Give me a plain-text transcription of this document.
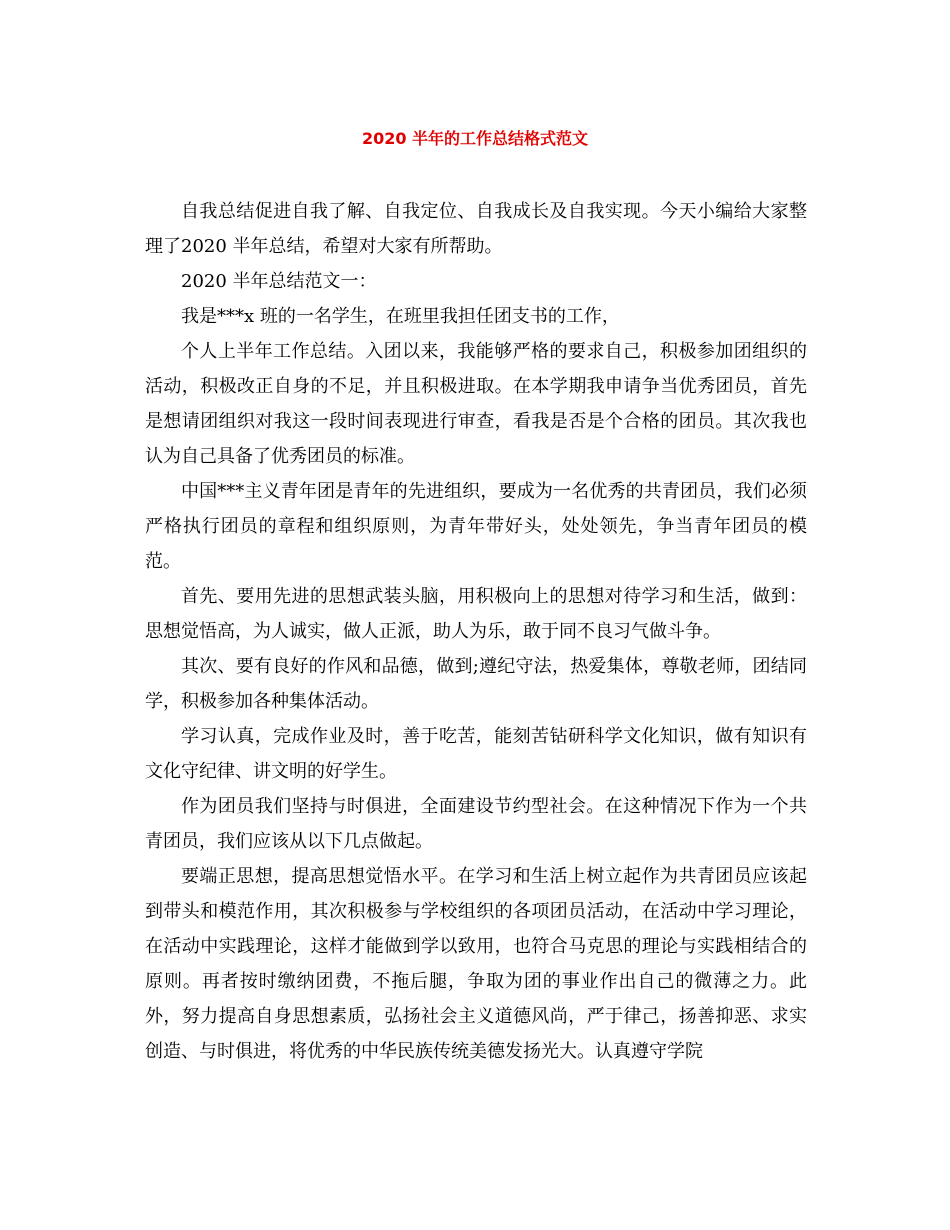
2020 半年的工作总结格式范文

自我总结促进自我了解、自我定位、自我成长及自我实现。今天小编给大家整理了2020 半年总结，希望对大家有所帮助。

2020 半年总结范文一：

我是***x 班的一名学生，在班里我担任团支书的工作，

个人上半年工作总结。入团以来，我能够严格的要求自己，积极参加团组织的活动，积极改正自身的不足，并且积极进取。在本学期我申请争当优秀团员，首先是想请团组织对我这一段时间表现进行审查，看我是否是个合格的团员。其次我也认为自己具备了优秀团员的标准。

中国***主义青年团是青年的先进组织，要成为一名优秀的共青团员，我们必须严格执行团员的章程和组织原则，为青年带好头，处处领先，争当青年团员的模范。

首先、要用先进的思想武装头脑，用积极向上的思想对待学习和生活，做到：思想觉悟高，为人诚实，做人正派，助人为乐，敢于同不良习气做斗争。

其次、要有良好的作风和品德，做到;遵纪守法，热爱集体，尊敬老师，团结同学，积极参加各种集体活动。

学习认真，完成作业及时，善于吃苦，能刻苦钻研科学文化知识，做有知识有文化守纪律、讲文明的好学生。

作为团员我们坚持与时俱进，全面建设节约型社会。在这种情况下作为一个共青团员，我们应该从以下几点做起。

要端正思想，提高思想觉悟水平。在学习和生活上树立起作为共青团员应该起到带头和模范作用，其次积极参与学校组织的各项团员活动，在活动中学习理论，在活动中实践理论，这样才能做到学以致用，也符合马克思的理论与实践相结合的原则。再者按时缴纳团费，不拖后腿，争取为团的事业作出自己的微薄之力。此外，努力提高自身思想素质，弘扬社会主义道德风尚，严于律己，扬善抑恶、求实创造、与时俱进，将优秀的中华民族传统美德发扬光大。认真遵守学院
